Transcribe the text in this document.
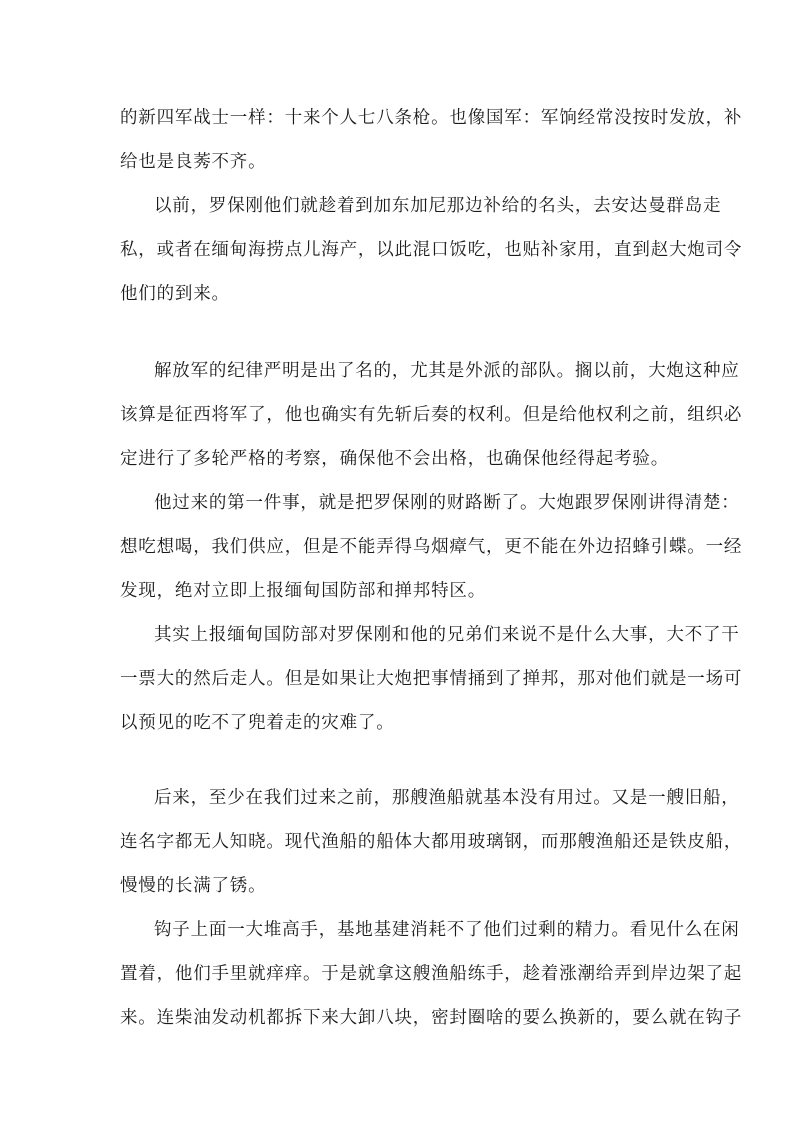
的新四军战士一样：十来个人七八条枪。也像国军：军饷经常没按时发放，补
给也是良莠不齐。
以前，罗保刚他们就趁着到加东加尼那边补给的名头，去安达曼群岛走
私，或者在缅甸海捞点儿海产，以此混口饭吃，也贴补家用，直到赵大炮司令
他们的到来。
解放军的纪律严明是出了名的，尤其是外派的部队。搁以前，大炮这种应
该算是征西将军了，他也确实有先斩后奏的权利。但是给他权利之前，组织必
定进行了多轮严格的考察，确保他不会出格，也确保他经得起考验。
他过来的第一件事，就是把罗保刚的财路断了。大炮跟罗保刚讲得清楚：
想吃想喝，我们供应，但是不能弄得乌烟瘴气，更不能在外边招蜂引蝶。一经
发现，绝对立即上报缅甸国防部和掸邦特区。
其实上报缅甸国防部对罗保刚和他的兄弟们来说不是什么大事，大不了干
一票大的然后走人。但是如果让大炮把事情捅到了掸邦，那对他们就是一场可
以预见的吃不了兜着走的灾难了。
后来，至少在我们过来之前，那艘渔船就基本没有用过。又是一艘旧船，
连名字都无人知晓。现代渔船的船体大都用玻璃钢，而那艘渔船还是铁皮船，
慢慢的长满了锈。
钩子上面一大堆高手，基地基建消耗不了他们过剩的精力。看见什么在闲
置着，他们手里就痒痒。于是就拿这艘渔船练手，趁着涨潮给弄到岸边架了起
来。连柴油发动机都拆下来大卸八块，密封圈啥的要么换新的，要么就在钩子
